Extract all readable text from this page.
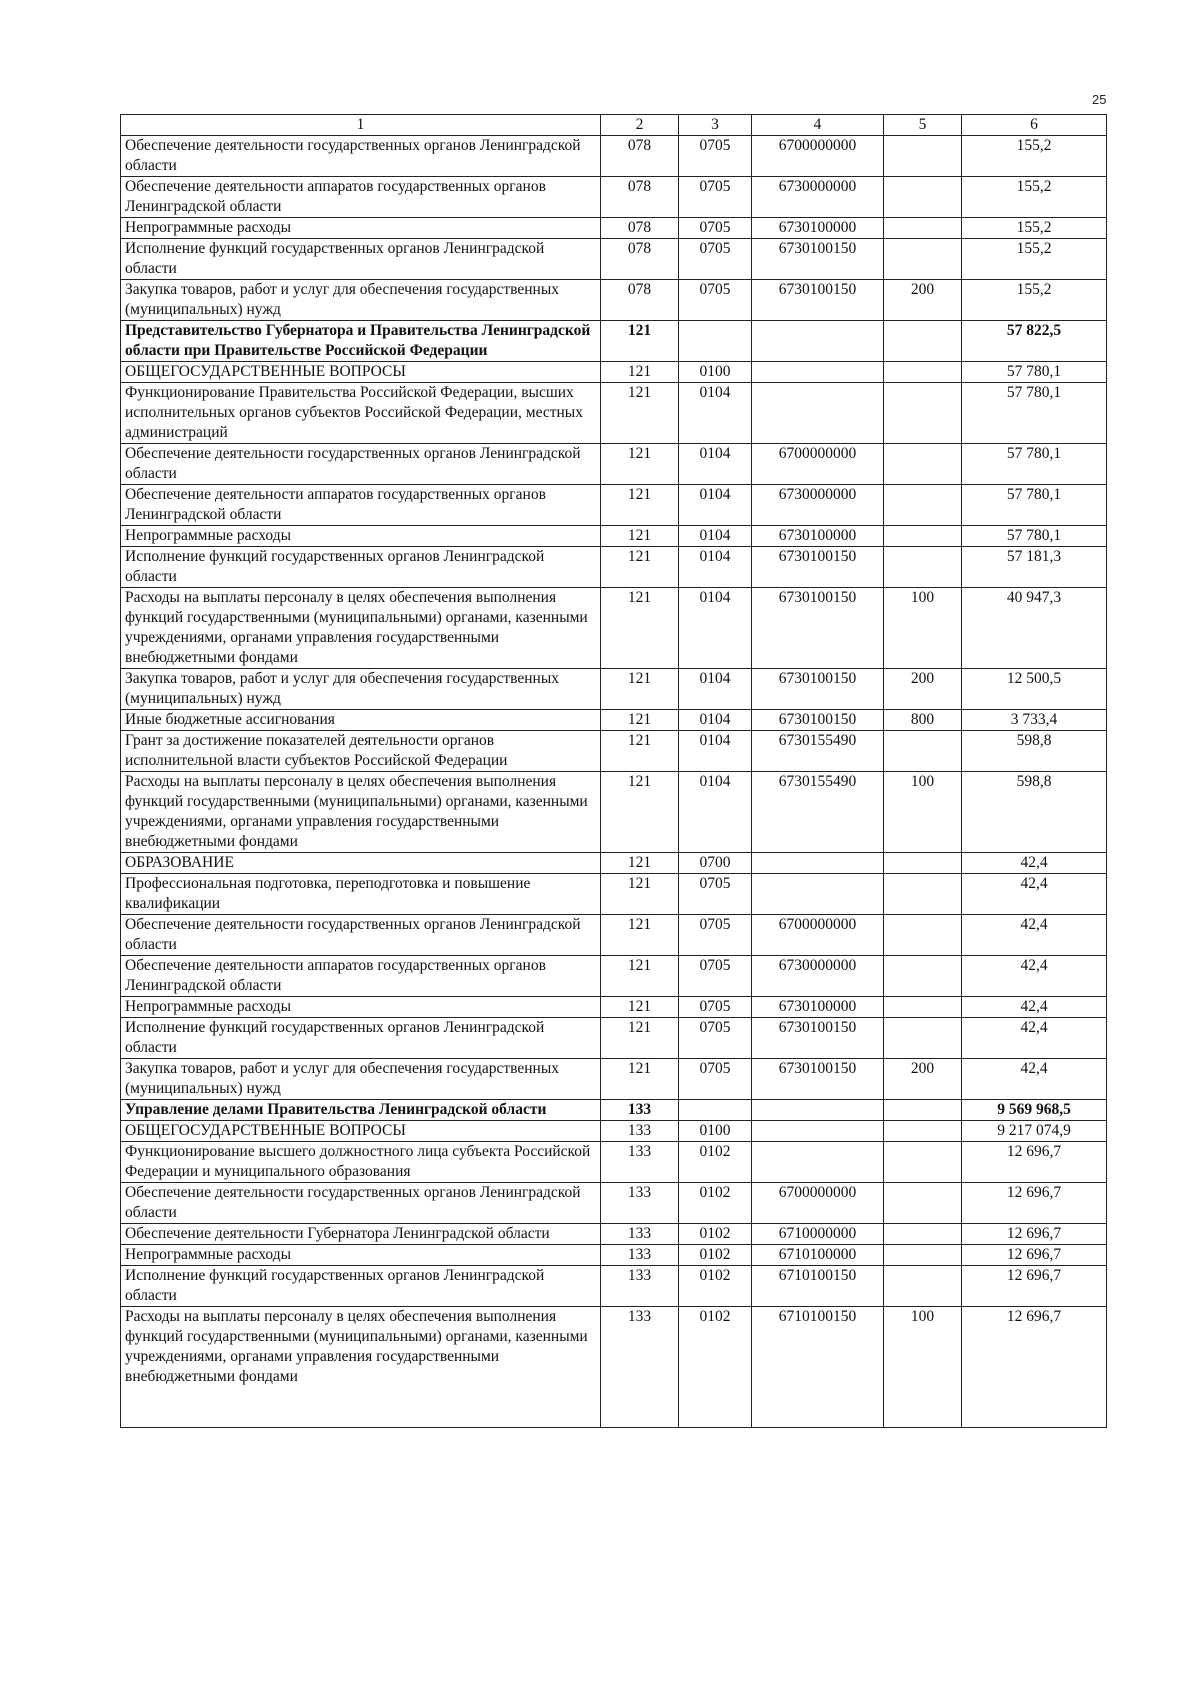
25
1	2	3	4	5	6
Обеспечение деятельности государственных органов Ленинградской области	078	0705	6700000000		155,2
Обеспечение деятельности аппаратов государственных органов Ленинградской области	078	0705	6730000000		155,2
Непрограммные расходы	078	0705	6730100000		155,2
Исполнение функций государственных органов Ленинградской области	078	0705	6730100150		155,2
Закупка товаров, работ и услуг для обеспечения государственных (муниципальных) нужд	078	0705	6730100150	200	155,2
Представительство Губернатора и Правительства Ленинградской области при Правительстве Российской Федерации	121				57 822,5
ОБЩЕГОСУДАРСТВЕННЫЕ ВОПРОСЫ	121	0100			57 780,1
Функционирование Правительства Российской Федерации, высших исполнительных органов субъектов Российской Федерации, местных администраций	121	0104			57 780,1
Обеспечение деятельности государственных органов Ленинградской области	121	0104	6700000000		57 780,1
Обеспечение деятельности аппаратов государственных органов Ленинградской области	121	0104	6730000000		57 780,1
Непрограммные расходы	121	0104	6730100000		57 780,1
Исполнение функций государственных органов Ленинградской области	121	0104	6730100150		57 181,3
Расходы на выплаты персоналу в целях обеспечения выполнения функций государственными (муниципальными) органами, казенными учреждениями, органами управления государственными внебюджетными фондами	121	0104	6730100150	100	40 947,3
Закупка товаров, работ и услуг для обеспечения государственных (муниципальных) нужд	121	0104	6730100150	200	12 500,5
Иные бюджетные ассигнования	121	0104	6730100150	800	3 733,4
Грант за достижение показателей деятельности органов исполнительной власти субъектов Российской Федерации	121	0104	6730155490		598,8
Расходы на выплаты персоналу в целях обеспечения выполнения функций государственными (муниципальными) органами, казенными учреждениями, органами управления государственными внебюджетными фондами	121	0104	6730155490	100	598,8
ОБРАЗОВАНИЕ	121	0700			42,4
Профессиональная подготовка, переподготовка и повышение квалификации	121	0705			42,4
Обеспечение деятельности государственных органов Ленинградской области	121	0705	6700000000		42,4
Обеспечение деятельности аппаратов государственных органов Ленинградской области	121	0705	6730000000		42,4
Непрограммные расходы	121	0705	6730100000		42,4
Исполнение функций государственных органов Ленинградской области	121	0705	6730100150		42,4
Закупка товаров, работ и услуг для обеспечения государственных (муниципальных) нужд	121	0705	6730100150	200	42,4
Управление делами Правительства Ленинградской области	133				9 569 968,5
ОБЩЕГОСУДАРСТВЕННЫЕ ВОПРОСЫ	133	0100			9 217 074,9
Функционирование высшего должностного лица субъекта Российской Федерации и муниципального образования	133	0102			12 696,7
Обеспечение деятельности государственных органов Ленинградской области	133	0102	6700000000		12 696,7
Обеспечение деятельности Губернатора Ленинградской области	133	0102	6710000000		12 696,7
Непрограммные расходы	133	0102	6710100000		12 696,7
Исполнение функций государственных органов Ленинградской области	133	0102	6710100150		12 696,7
Расходы на выплаты персоналу в целях обеспечения выполнения функций государственными (муниципальными) органами, казенными учреждениями, органами управления государственными внебюджетными фондами	133	0102	6710100150	100	12 696,7
